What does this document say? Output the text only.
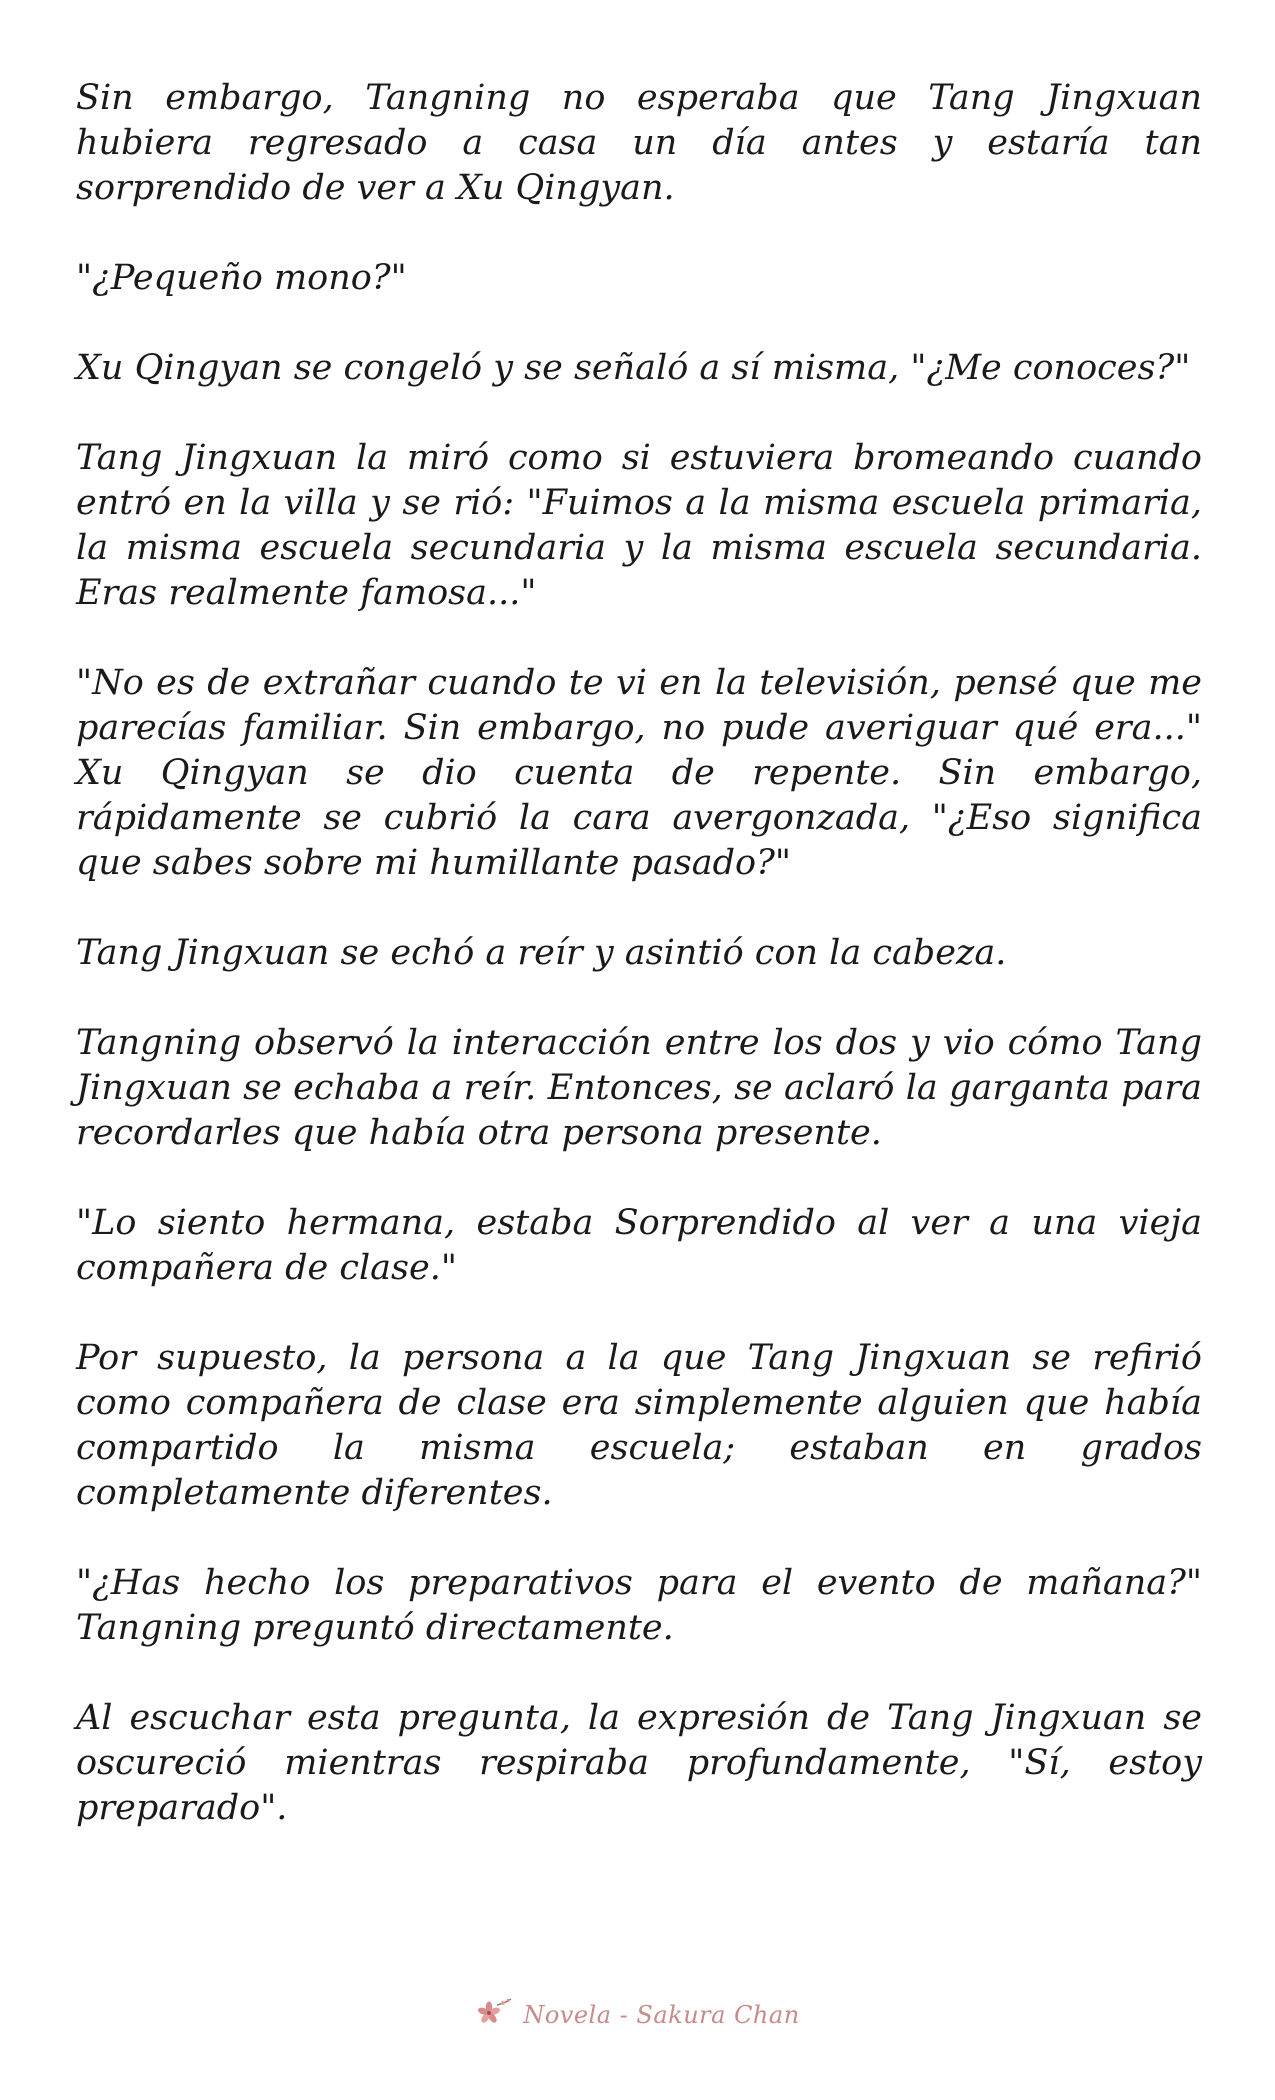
Sin embargo, Tangning no esperaba que Tang Jingxuan hubiera regresado a casa un día antes y estaría tan sorprendido de ver a Xu Qingyan.

"¿Pequeño mono?"

Xu Qingyan se congeló y se señaló a sí misma, "¿Me conoces?"

Tang Jingxuan la miró como si estuviera bromeando cuando entró en la villa y se rió: "Fuimos a la misma escuela primaria, la misma escuela secundaria y la misma escuela secundaria. Eras realmente famosa..."

"No es de extrañar cuando te vi en la televisión, pensé que me parecías familiar. Sin embargo, no pude averiguar qué era..." Xu Qingyan se dio cuenta de repente. Sin embargo, rápidamente se cubrió la cara avergonzada, "¿Eso significa que sabes sobre mi humillante pasado?"

Tang Jingxuan se echó a reír y asintió con la cabeza.

Tangning observó la interacción entre los dos y vio cómo Tang Jingxuan se echaba a reír. Entonces, se aclaró la garganta para recordarles que había otra persona presente.

"Lo siento hermana, estaba Sorprendido al ver a una vieja compañera de clase."

Por supuesto, la persona a la que Tang Jingxuan se refirió como compañera de clase era simplemente alguien que había compartido la misma escuela; estaban en grados completamente diferentes.

"¿Has hecho los preparativos para el evento de mañana?" Tangning preguntó directamente.

Al escuchar esta pregunta, la expresión de Tang Jingxuan se oscureció mientras respiraba profundamente, "Sí, estoy preparado".

Novela - Sakura Chan
